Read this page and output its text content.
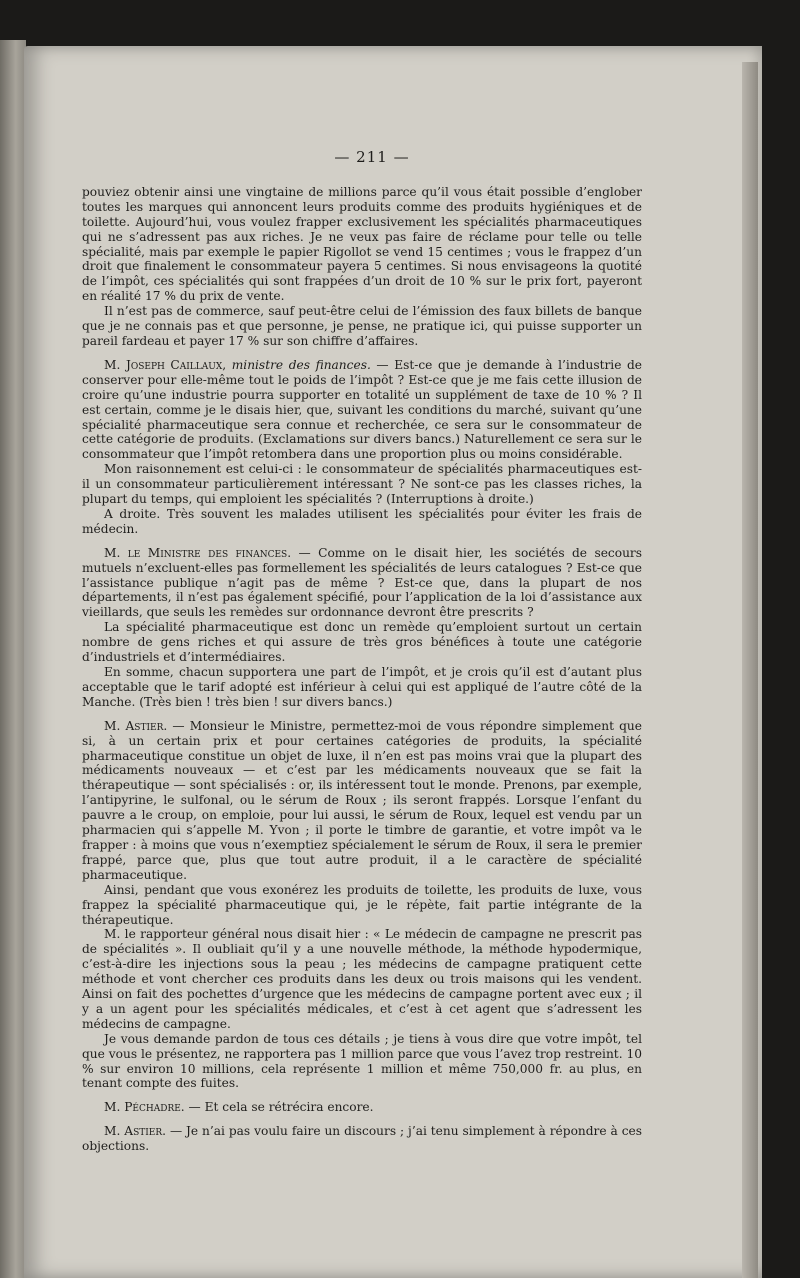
— 211 —

pouviez obtenir ainsi une vingtaine de millions parce qu’il vous était possible d’englober toutes les marques qui annoncent leurs produits comme des produits hygiéniques et de toilette. Aujourd’hui, vous voulez frapper exclusivement les spécialités pharmaceutiques qui ne s’adressent pas aux riches. Je ne veux pas faire de réclame pour telle ou telle spécialité, mais par exemple le papier Rigollot se vend 15 centimes ; vous le frappez d’un droit que finalement le consommateur payera 5 centimes. Si nous envisageons la quotité de l’impôt, ces spécialités qui sont frappées d’un droit de 10 % sur le prix fort, payeront en réalité 17 % du prix de vente.

Il n’est pas de commerce, sauf peut-être celui de l’émission des faux billets de banque que je ne connais pas et que personne, je pense, ne pratique ici, qui puisse supporter un pareil fardeau et payer 17 % sur son chiffre d’affaires.

M. Joseph Caillaux, ministre des finances. — Est-ce que je demande à l’industrie de conserver pour elle-même tout le poids de l’impôt ? Est-ce que je me fais cette illusion de croire qu’une industrie pourra supporter en totalité un supplément de taxe de 10 % ? Il est certain, comme je le disais hier, que, suivant les conditions du marché, suivant qu’une spécialité pharmaceutique sera connue et recherchée, ce sera sur le consommateur de cette catégorie de produits. (Exclamations sur divers bancs.) Naturellement ce sera sur le consommateur que l’impôt retombera dans une proportion plus ou moins considérable.

Mon raisonnement est celui-ci : le consommateur de spécialités pharmaceutiques est-il un consommateur particulièrement intéressant ? Ne sont-ce pas les classes riches, la plupart du temps, qui emploient les spécialités ? (Interruptions à droite.)

A droite. Très souvent les malades utilisent les spécialités pour éviter les frais de médecin.

M. le Ministre des finances. — Comme on le disait hier, les sociétés de secours mutuels n’excluent-elles pas formellement les spécialités de leurs catalogues ? Est-ce que l’assistance publique n’agit pas de même ? Est-ce que, dans la plupart de nos départements, il n’est pas également spécifié, pour l’application de la loi d’assistance aux vieillards, que seuls les remèdes sur ordonnance devront être prescrits ?

La spécialité pharmaceutique est donc un remède qu’emploient surtout un certain nombre de gens riches et qui assure de très gros bénéfices à toute une catégorie d’industriels et d’intermédiaires.

En somme, chacun supportera une part de l’impôt, et je crois qu’il est d’autant plus acceptable que le tarif adopté est inférieur à celui qui est appliqué de l’autre côté de la Manche. (Très bien ! très bien ! sur divers bancs.)

M. Astier. — Monsieur le Ministre, permettez-moi de vous répondre simplement que si, à un certain prix et pour certaines catégories de produits, la spécialité pharmaceutique constitue un objet de luxe, il n’en est pas moins vrai que la plupart des médicaments nouveaux — et c’est par les médicaments nouveaux que se fait la thérapeutique — sont spécialisés : or, ils intéressent tout le monde. Prenons, par exemple, l’antipyrine, le sulfonal, ou le sérum de Roux ; ils seront frappés. Lorsque l’enfant du pauvre a le croup, on emploie, pour lui aussi, le sérum de Roux, lequel est vendu par un pharmacien qui s’appelle M. Yvon ; il porte le timbre de garantie, et votre impôt va le frapper : à moins que vous n’exemptiez spécialement le sérum de Roux, il sera le premier frappé, parce que, plus que tout autre produit, il a le caractère de spécialité pharmaceutique.

Ainsi, pendant que vous exonérez les produits de toilette, les produits de luxe, vous frappez la spécialité pharmaceutique qui, je le répète, fait partie intégrante de la thérapeutique.

M. le rapporteur général nous disait hier : « Le médecin de campagne ne prescrit pas de spécialités ». Il oubliait qu’il y a une nouvelle méthode, la méthode hypodermique, c’est-à-dire les injections sous la peau ; les médecins de campagne pratiquent cette méthode et vont chercher ces produits dans les deux ou trois maisons qui les vendent. Ainsi on fait des pochettes d’urgence que les médecins de campagne portent avec eux ; il y a un agent pour les spécialités médicales, et c’est à cet agent que s’adressent les médecins de campagne.

Je vous demande pardon de tous ces détails ; je tiens à vous dire que votre impôt, tel que vous le présentez, ne rapportera pas 1 million parce que vous l’avez trop restreint. 10 % sur environ 10 millions, cela représente 1 million et même 750,000 fr. au plus, en tenant compte des fuites.

M. Péchadre. — Et cela se rétrécira encore.

M. Astier. — Je n’ai pas voulu faire un discours ; j’ai tenu simplement à répondre à ces objections.
